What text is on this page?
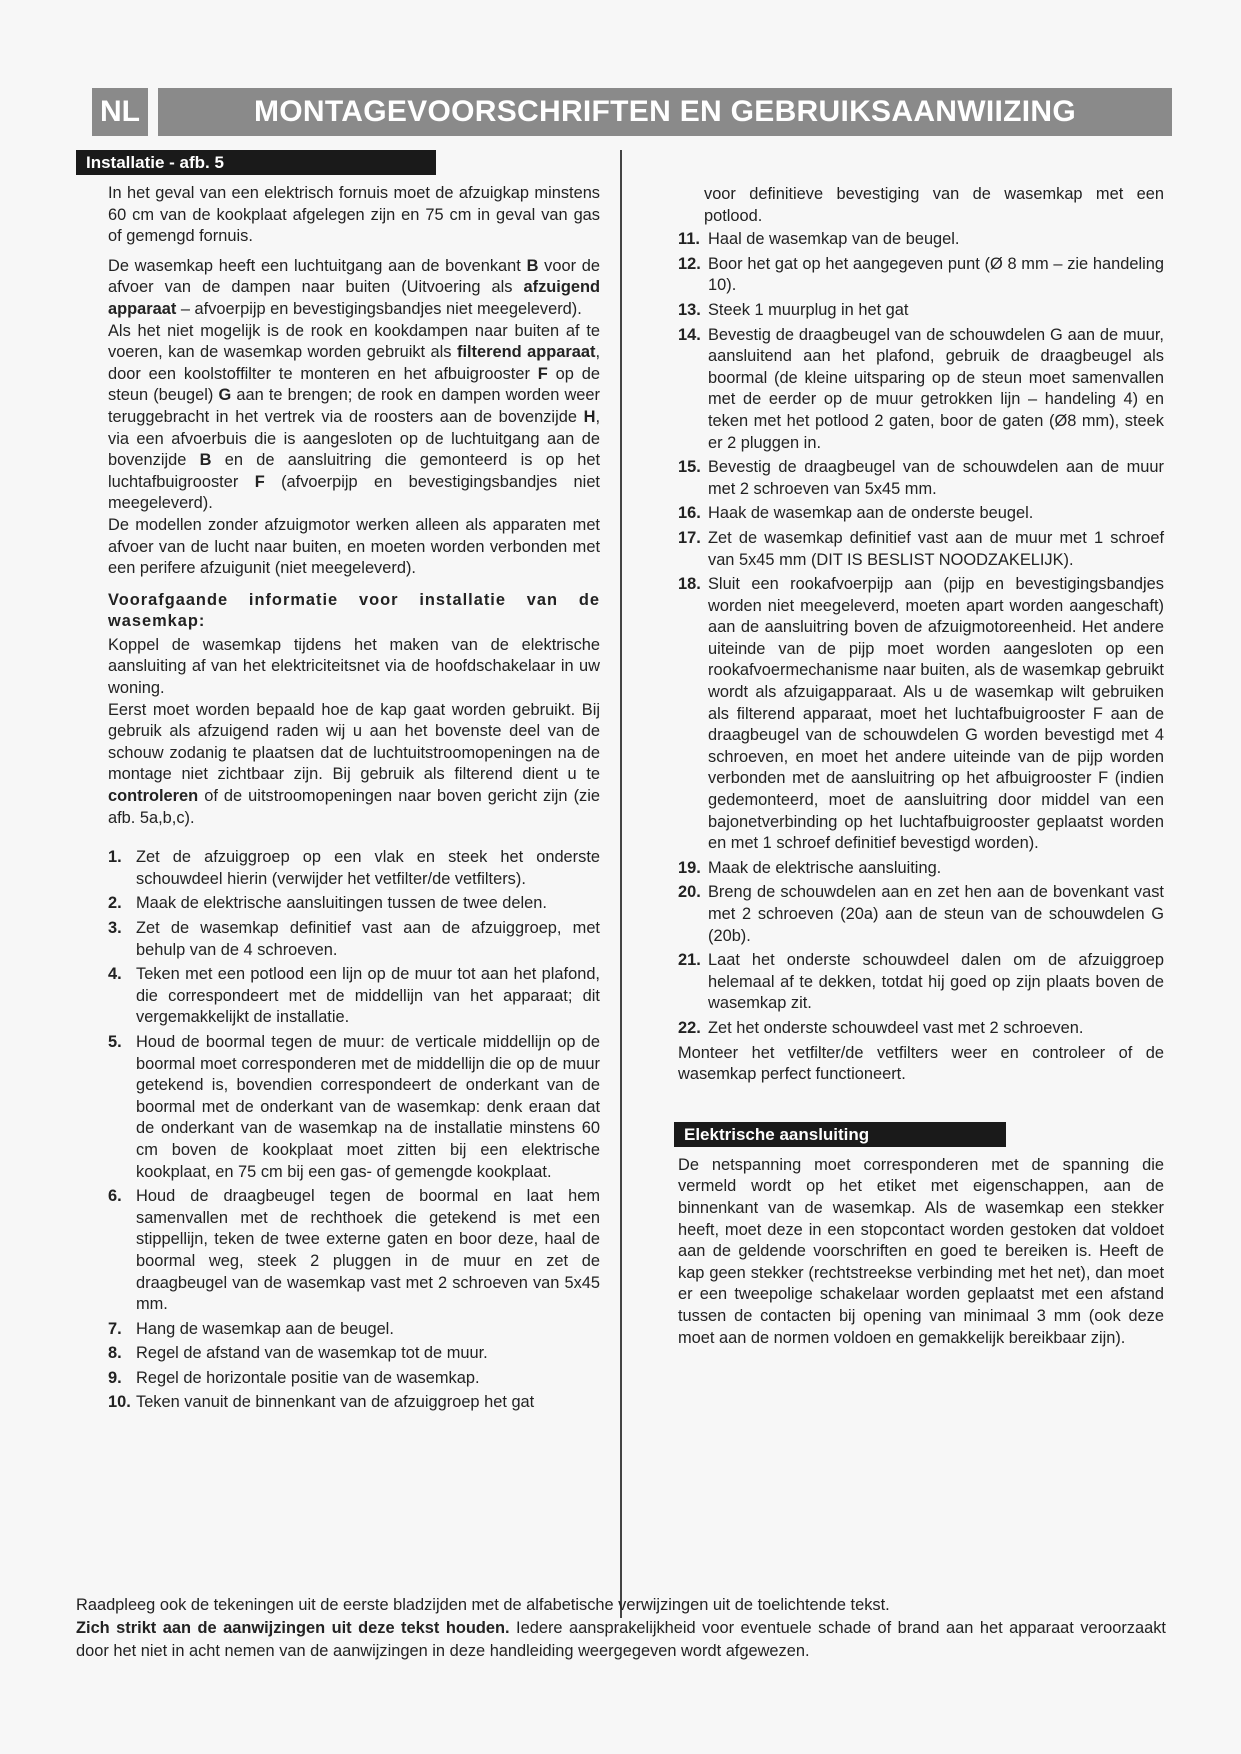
NL	MONTAGEVOORSCHRIFTEN EN GEBRUIKSAANWIIZING
Installatie - afb. 5

In het geval van een elektrisch fornuis moet de afzuigkap minstens 60 cm van de kookplaat afgelegen zijn en 75 cm in geval van gas of gemengd fornuis.

De wasemkap heeft een luchtuitgang aan de bovenkant B voor de afvoer van de dampen naar buiten (Uitvoering als afzuigend apparaat – afvoerpijp en bevestigingsbandjes niet meegeleverd).

Als het niet mogelijk is de rook en kookdampen naar buiten af te voeren, kan de wasemkap worden gebruikt als filterend apparaat, door een koolstoffilter te monteren en het afbuigrooster F op de steun (beugel) G aan te brengen; de rook en dampen worden weer teruggebracht in het vertrek via de roosters aan de bovenzijde H, via een afvoerbuis die is aangesloten op de luchtuitgang aan de bovenzijde B en de aansluitring die gemonteerd is op het luchtafbuigrooster F (afvoerpijp en bevestigingsbandjes niet meegeleverd).

De modellen zonder afzuigmotor werken alleen als apparaten met afvoer van de lucht naar buiten, en moeten worden verbonden met een perifere afzuigunit (niet meegeleverd).

Voorafgaande informatie voor installatie van de wasemkap:

Koppel de wasemkap tijdens het maken van de elektrische aansluiting af van het elektriciteitsnet via de hoofdschakelaar in uw woning.

Eerst moet worden bepaald hoe de kap gaat worden gebruikt. Bij gebruik als afzuigend raden wij u aan het bovenste deel van de schouw zodanig te plaatsen dat de luchtuitstroomopeningen na de montage niet zichtbaar zijn. Bij gebruik als filterend dient u te controleren of de uitstroomopeningen naar boven gericht zijn (zie afb. 5a,b,c).

1. Zet de afzuiggroep op een vlak en steek het onderste schouwdeel hierin (verwijder het vetfilter/de vetfilters).
2. Maak de elektrische aansluitingen tussen de twee delen.
3. Zet de wasemkap definitief vast aan de afzuiggroep, met behulp van de 4 schroeven.
4. Teken met een potlood een lijn op de muur tot aan het plafond, die correspondeert met de middellijn van het apparaat; dit vergemakkelijkt de installatie.
5. Houd de boormal tegen de muur: de verticale middellijn op de boormal moet corresponderen met de middellijn die op de muur getekend is, bovendien correspondeert de onderkant van de boormal met de onderkant van de wasemkap: denk eraan dat de onderkant van de wasemkap na de installatie minstens 60 cm boven de kookplaat moet zitten bij een elektrische kookplaat, en 75 cm bij een gas- of gemengde kookplaat.
6. Houd de draagbeugel tegen de boormal en laat hem samenvallen met de rechthoek die getekend is met een stippellijn, teken de twee externe gaten en boor deze, haal de boormal weg, steek 2 pluggen in de muur en zet de draagbeugel van de wasemkap vast met 2 schroeven van 5x45 mm.
7. Hang de wasemkap aan de beugel.
8. Regel de afstand van de wasemkap tot de muur.
9. Regel de horizontale positie van de wasemkap.
10. Teken vanuit de binnenkant van de afzuiggroep het gat

voor definitieve bevestiging van de wasemkap met een potlood.

11. Haal de wasemkap van de beugel.
12. Boor het gat op het aangegeven punt (Ø 8 mm – zie handeling 10).
13. Steek 1 muurplug in het gat
14. Bevestig de draagbeugel van de schouwdelen G aan de muur, aansluitend aan het plafond, gebruik de draagbeugel als boormal (de kleine uitsparing op de steun moet samenvallen met de eerder op de muur getrokken lijn – handeling 4) en teken met het potlood 2 gaten, boor de gaten (Ø8 mm), steek er 2 pluggen in.
15. Bevestig de draagbeugel van de schouwdelen aan de muur met 2 schroeven van 5x45 mm.
16. Haak de wasemkap aan de onderste beugel.
17. Zet de wasemkap definitief vast aan de muur met 1 schroef van 5x45 mm (DIT IS BESLIST NOODZAKELIJK).
18. Sluit een rookafvoerpijp aan (pijp en bevestigingsbandjes worden niet meegeleverd, moeten apart worden aangeschaft) aan de aansluitring boven de afzuigmotoreenheid. Het andere uiteinde van de pijp moet worden aangesloten op een rookafvoermechanisme naar buiten, als de wasemkap gebruikt wordt als afzuigapparaat. Als u de wasemkap wilt gebruiken als filterend apparaat, moet het luchtafbuigrooster F aan de draagbeugel van de schouwdelen G worden bevestigd met 4 schroeven, en moet het andere uiteinde van de pijp worden verbonden met de aansluitring op het afbuigrooster F (indien gedemonteerd, moet de aansluitring door middel van een bajonetverbinding op het luchtafbuigrooster geplaatst worden en met 1 schroef definitief bevestigd worden).
19. Maak de elektrische aansluiting.
20. Breng de schouwdelen aan en zet hen aan de bovenkant vast met 2 schroeven (20a) aan de steun van de schouwdelen G (20b).
21. Laat het onderste schouwdeel dalen om de afzuiggroep helemaal af te dekken, totdat hij goed op zijn plaats boven de wasemkap zit.
22. Zet het onderste schouwdeel vast met 2 schroeven.

Monteer het vetfilter/de vetfilters weer en controleer of de wasemkap perfect functioneert.

Elektrische aansluiting

De netspanning moet corresponderen met de spanning die vermeld wordt op het etiket met eigenschappen, aan de binnenkant van de wasemkap. Als de wasemkap een stekker heeft, moet deze in een stopcontact worden gestoken dat voldoet aan de geldende voorschriften en goed te bereiken is. Heeft de kap geen stekker (rechtstreekse verbinding met het net), dan moet er een tweepolige schakelaar worden geplaatst met een afstand tussen de contacten bij opening van minimaal 3 mm (ook deze moet aan de normen voldoen en gemakkelijk bereikbaar zijn).

Raadpleeg ook de tekeningen uit de eerste bladzijden met de alfabetische verwijzingen uit de toelichtende tekst.

Zich strikt aan de aanwijzingen uit deze tekst houden. Iedere aansprakelijkheid voor eventuele schade of brand aan het apparaat veroorzaakt door het niet in acht nemen van de aanwijzingen in deze handleiding weergegeven wordt afgewezen.
